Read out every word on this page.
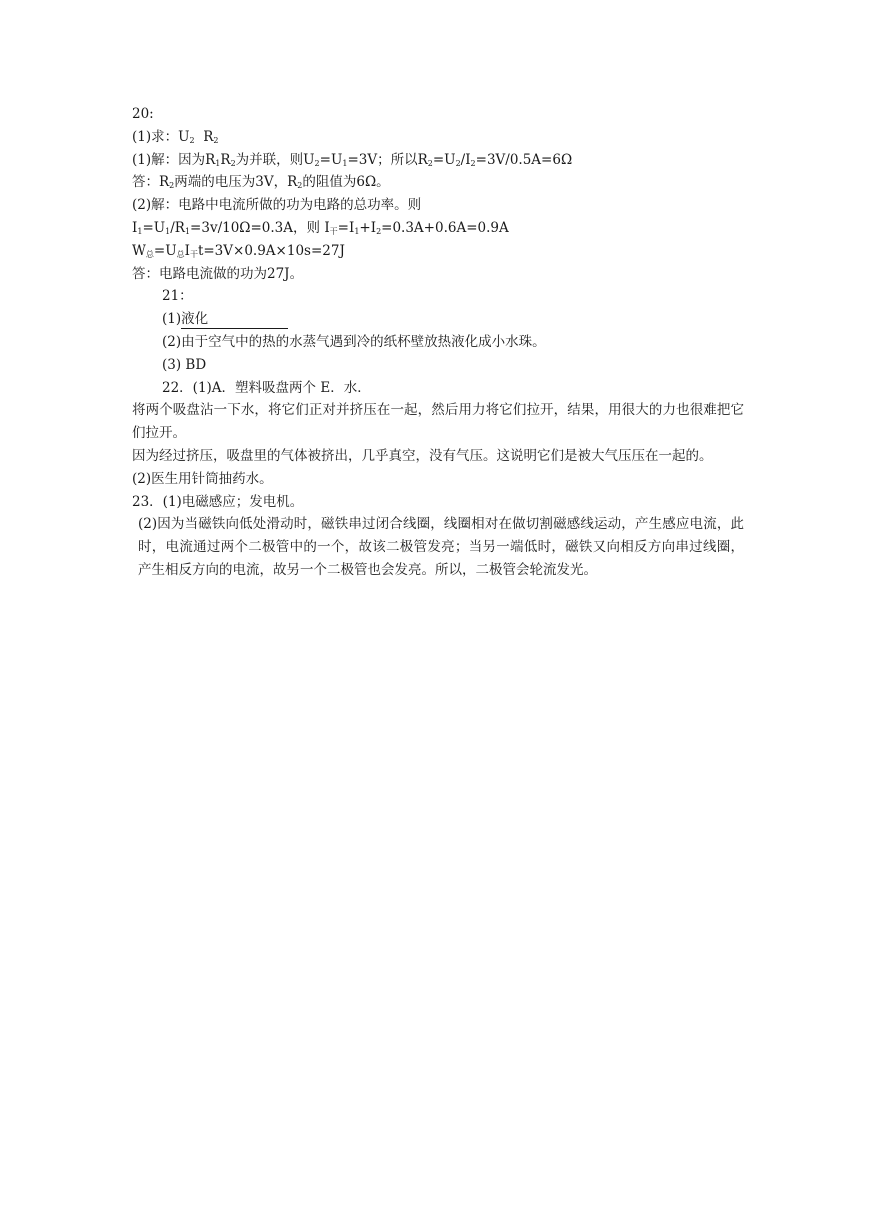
20:
(1)求：$U_2$ $R_2$
(1)解：因为$R_1R_2$为并联，则$U_2=U_1=3V$；所以$R_2=U_2/I_2=3V/0.5A=6\Omega$
答：$R_2$两端的电压为3V，$R_2$的阻值为6Ω。
(2)解：电路中电流所做的功为电路的总功率。则
$I_1=U_1/R_1=3v/10\Omega=0.3A$，则 $I_干=I_1+I_2=0.3A+0.6A=0.9A$
$W_总=U_总I_干t=3V\times 0.9A\times 10s=27J$
答：电路电流做的功为27J。
21：
(1)液化
(2)由于空气中的热的水蒸气遇到冷的纸杯壁放热液化成小水珠。
(3) BD
22．(1)A．塑料吸盘两个 E．水．
将两个吸盘沾一下水，将它们正对并挤压在一起，然后用力将它们拉开，结果，用很大的力也很难把它们拉开。
因为经过挤压，吸盘里的气体被挤出，几乎真空，没有气压。这说明它们是被大气压压在一起的。
(2)医生用针筒抽药水。
23．(1)电磁感应；发电机。
(2)因为当磁铁向低处滑动时，磁铁串过闭合线圈，线圈相对在做切割磁感线运动，产生感应电流，此时，电流通过两个二极管中的一个，故该二极管发亮；当另一端低时，磁铁又向相反方向串过线圈，产生相反方向的电流，故另一个二极管也会发亮。所以，二极管会轮流发光。
